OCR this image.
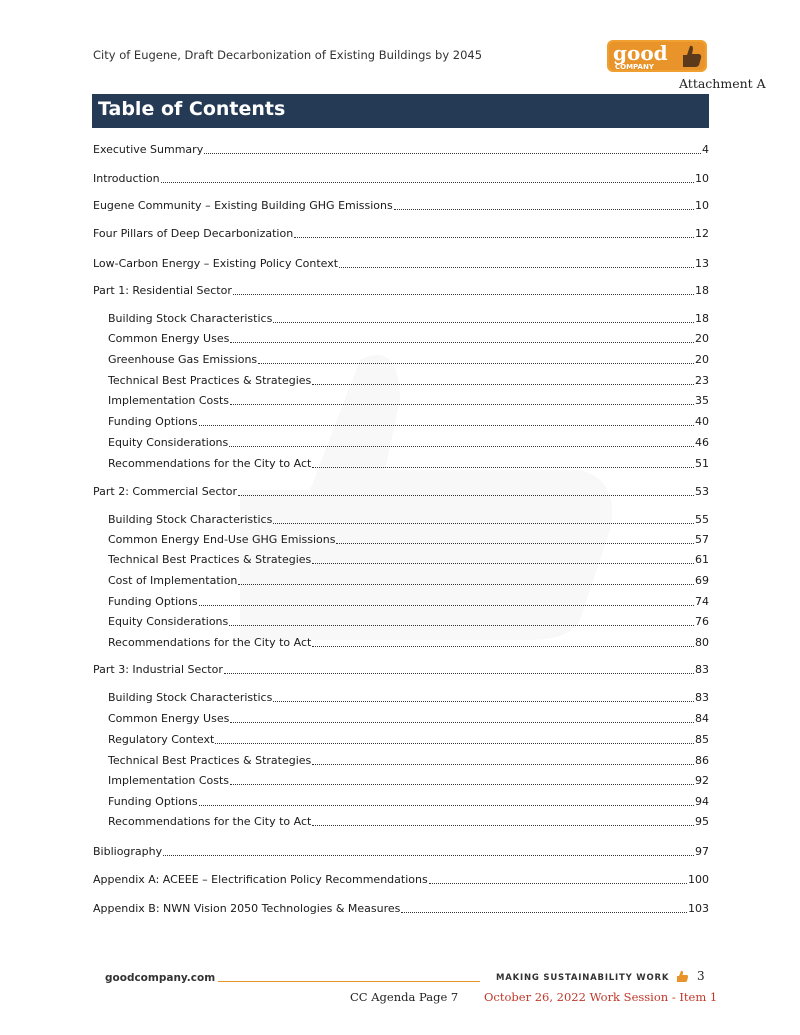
City of Eugene, Draft Decarbonization of Existing Buildings by 2045	good
COMPANY
Attachment A
Table of Contents
Executive Summary	4
Introduction	10
Eugene Community – Existing Building GHG Emissions	10
Four Pillars of Deep Decarbonization	12
Low-Carbon Energy – Existing Policy Context	13
Part 1: Residential Sector	18
Building Stock Characteristics	18
Common Energy Uses	20
Greenhouse Gas Emissions	20
Technical Best Practices & Strategies	23
Implementation Costs	35
Funding Options	40
Equity Considerations	46
Recommendations for the City to Act	51
Part 2: Commercial Sector	53
Building Stock Characteristics	55
Common Energy End-Use GHG Emissions	57
Technical Best Practices & Strategies	61
Cost of Implementation	69
Funding Options	74
Equity Considerations	76
Recommendations for the City to Act	80
Part 3: Industrial Sector	83
Building Stock Characteristics	83
Common Energy Uses	84
Regulatory Context	85
Technical Best Practices & Strategies	86
Implementation Costs	92
Funding Options	94
Recommendations for the City to Act	95
Bibliography	97
Appendix A: ACEEE – Electrification Policy Recommendations	100
Appendix B: NWN Vision 2050 Technologies & Measures	103
goodcompany.com	MAKING SUSTAINABILITY WORK 3
CC Agenda Page 7 October 26, 2022 Work Session - Item 1
